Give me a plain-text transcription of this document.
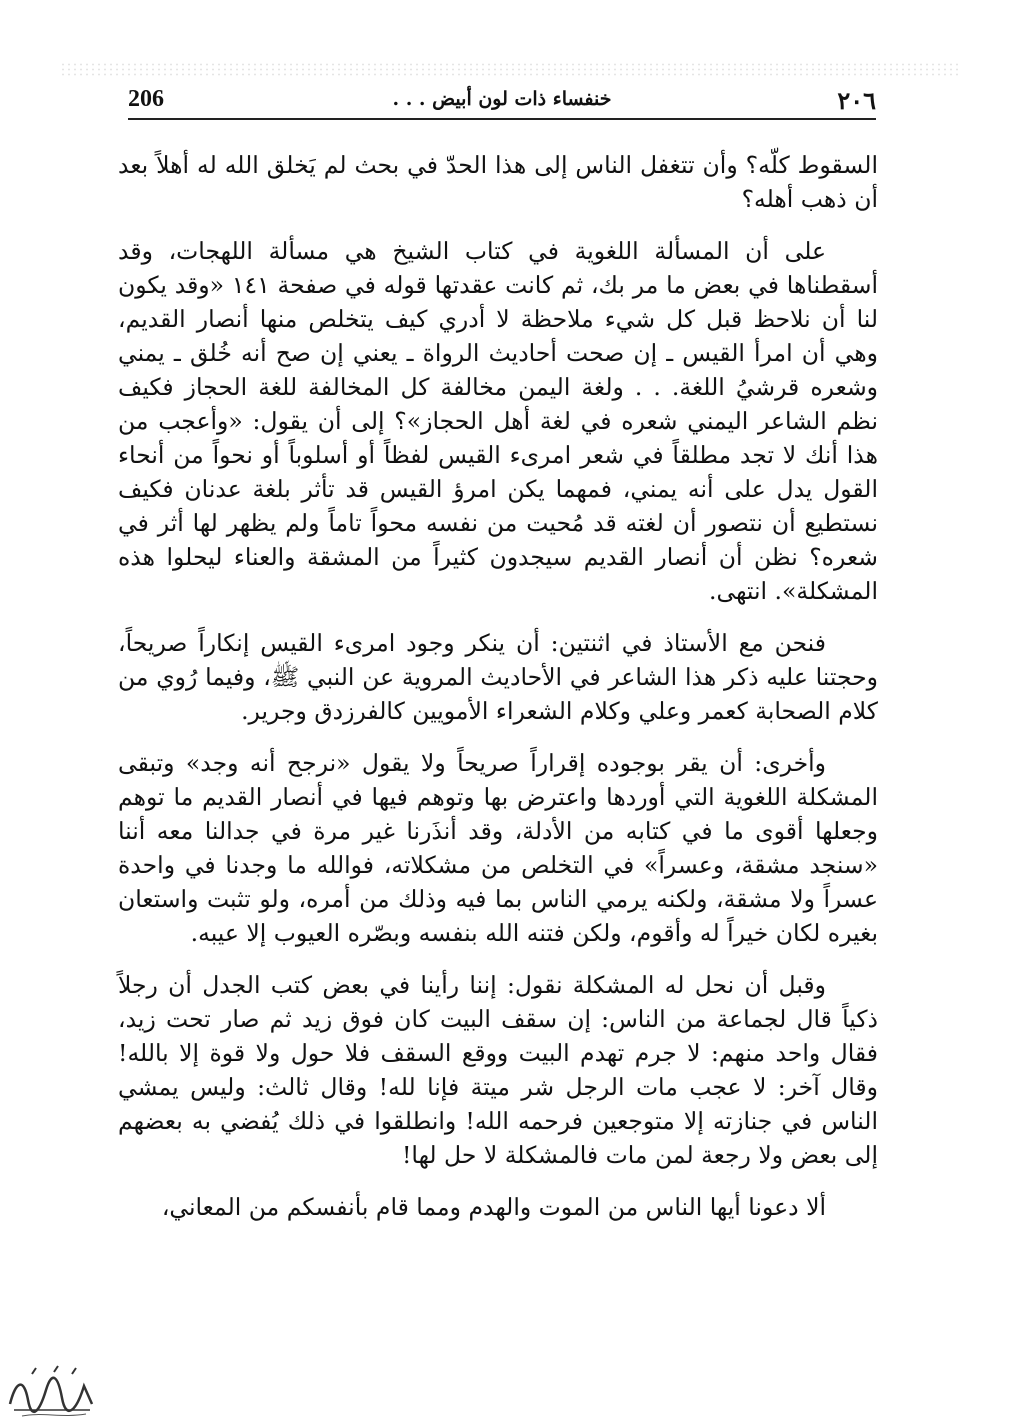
206	خنفساء ذات لون أبيض . . .	٢٠٦

السقوط كلّه؟ وأن تتغفل الناس إلى هذا الحدّ في بحث لم يَخلق الله له أهلاً بعد أن ذهب أهله؟

على أن المسألة اللغوية في كتاب الشيخ هي مسألة اللهجات، وقد أسقطناها في بعض ما مر بك، ثم كانت عقدتها قوله في صفحة ١٤١ «وقد يكون لنا أن نلاحظ قبل كل شيء ملاحظة لا أدري كيف يتخلص منها أنصار القديم، وهي أن امرأ القيس ـ إن صحت أحاديث الرواة ـ يعني إن صح أنه خُلق ـ يمني وشعره قرشيُ اللغة. . . ولغة اليمن مخالفة كل المخالفة للغة الحجاز فكيف نظم الشاعر اليمني شعره في لغة أهل الحجاز»؟ إلى أن يقول: «وأعجب من هذا أنك لا تجد مطلقاً في شعر امرىء القيس لفظاً أو أسلوباً أو نحواً من أنحاء القول يدل على أنه يمني، فمهما يكن امرؤ القيس قد تأثر بلغة عدنان فكيف نستطيع أن نتصور أن لغته قد مُحيت من نفسه محواً تاماً ولم يظهر لها أثر في شعره؟ نظن أن أنصار القديم سيجدون كثيراً من المشقة والعناء ليحلوا هذه المشكلة». انتهى.

فنحن مع الأستاذ في اثنتين: أن ينكر وجود امرىء القيس إنكاراً صريحاً، وحجتنا عليه ذكر هذا الشاعر في الأحاديث المروية عن النبي ﷺ، وفيما رُوي من كلام الصحابة كعمر وعلي وكلام الشعراء الأمويين كالفرزدق وجرير.

وأخرى: أن يقر بوجوده إقراراً صريحاً ولا يقول «نرجح أنه وجد» وتبقى المشكلة اللغوية التي أوردها واعترض بها وتوهم فيها في أنصار القديم ما توهم وجعلها أقوى ما في كتابه من الأدلة، وقد أنذَرنا غير مرة في جدالنا معه أننا «سنجد مشقة، وعسراً» في التخلص من مشكلاته، فوالله ما وجدنا في واحدة عسراً ولا مشقة، ولكنه يرمي الناس بما فيه وذلك من أمره، ولو تثبت واستعان بغيره لكان خيراً له وأقوم، ولكن فتنه الله بنفسه وبصّره العيوب إلا عيبه.

وقبل أن نحل له المشكلة نقول: إننا رأينا في بعض كتب الجدل أن رجلاً ذكياً قال لجماعة من الناس: إن سقف البيت كان فوق زيد ثم صار تحت زيد، فقال واحد منهم: لا جرم تهدم البيت ووقع السقف فلا حول ولا قوة إلا بالله! وقال آخر: لا عجب مات الرجل شر ميتة فإنا لله! وقال ثالث: وليس يمشي الناس في جنازته إلا متوجعين فرحمه الله! وانطلقوا في ذلك يُفضي به بعضهم إلى بعض ولا رجعة لمن مات فالمشكلة لا حل لها!

ألا دعونا أيها الناس من الموت والهدم ومما قام بأنفسكم من المعاني،
